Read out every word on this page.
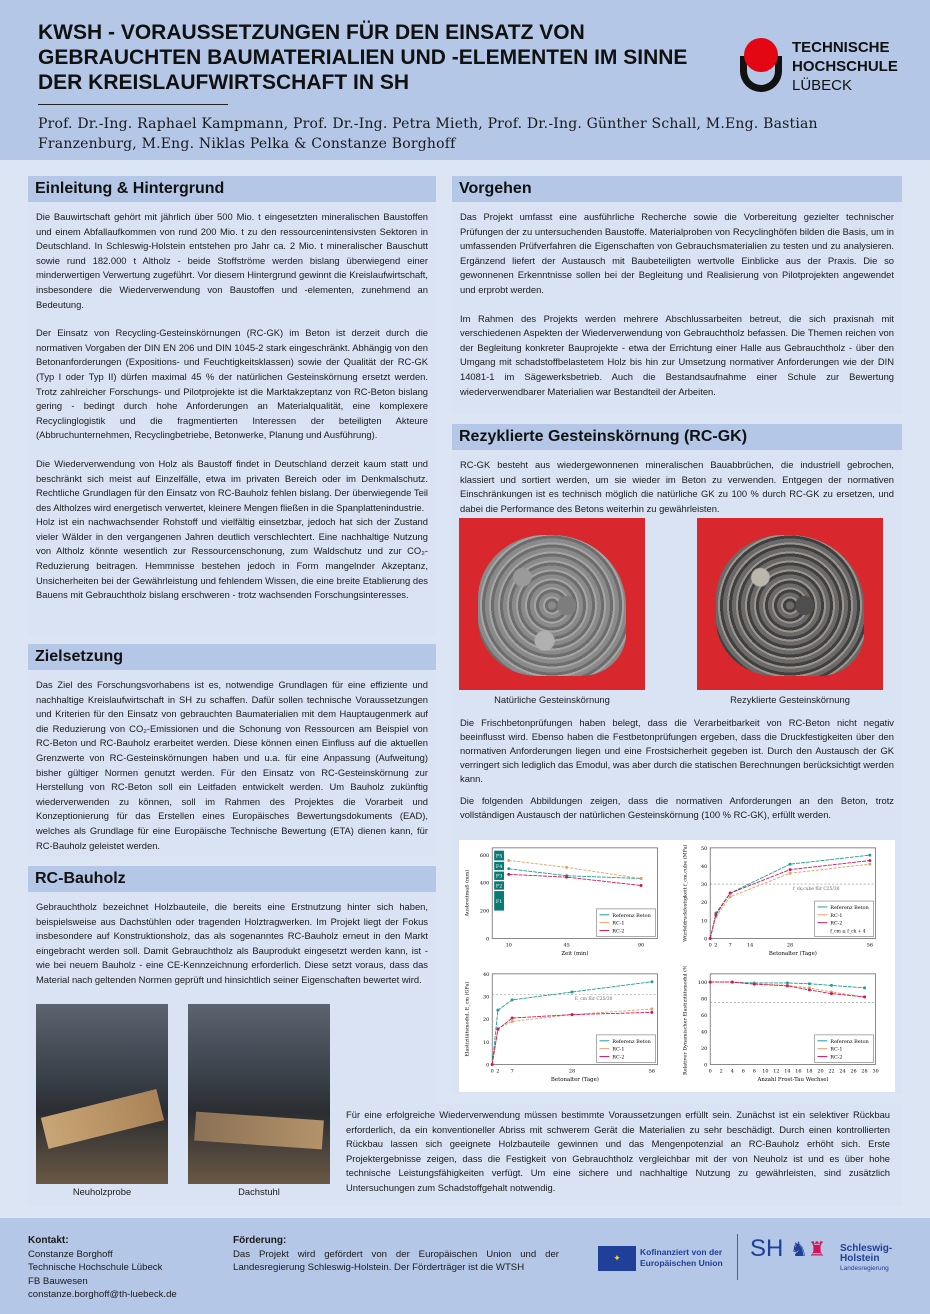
KWSH - VORAUSSETZUNGEN FÜR DEN EINSATZ VON GEBRAUCHTEN BAUMATERIALIEN UND -ELEMENTEN IM SINNE DER KREISLAUFWIRTSCHAFT IN SH
Prof. Dr.-Ing. Raphael Kampmann, Prof. Dr.-Ing. Petra Mieth, Prof. Dr.-Ing. Günther Schall, M.Eng. Bastian Franzenburg, M.Eng. Niklas Pelka & Constanze Borghoff
TECHNISCHE
HOCHSCHULE
LÜBECK
Einleitung & Hintergrund

Die Bauwirtschaft gehört mit jährlich über 500 Mio. t eingesetzten mineralischen Baustoffen und einem Abfallaufkommen von rund 200 Mio. t zu den ressourcenintensivsten Sektoren in Deutschland. In Schleswig-Holstein entstehen pro Jahr ca. 2 Mio. t mineralischer Bauschutt sowie rund 182.000 t Altholz - beide Stoffströme werden bislang überwiegend einer minderwertigen Verwertung zugeführt. Vor diesem Hintergrund gewinnt die Kreislaufwirtschaft, insbesondere die Wiederverwendung von Baustoffen und -elementen, zunehmend an Bedeutung.

Der Einsatz von Recycling-Gesteinskörnungen (RC-GK) im Beton ist derzeit durch die normativen Vorgaben der DIN EN 206 und DIN 1045-2 stark eingeschränkt. Abhängig von den Betonanforderungen (Expositions- und Feuchtigkeitsklassen) sowie der Qualität der RC-GK (Typ I oder Typ II) dürfen maximal 45 % der natürlichen Gesteinskörnung ersetzt werden. Trotz zahlreicher Forschungs- und Pilotprojekte ist die Marktakzeptanz von RC-Beton bislang gering - bedingt durch hohe Anforderungen an Materialqualität, eine komplexere Recyclinglogistik und die fragmentierten Interessen der beteiligten Akteure (Abbruchunternehmen, Recyclingbetriebe, Betonwerke, Planung und Ausführung).

Die Wiederverwendung von Holz als Baustoff findet in Deutschland derzeit kaum statt und beschränkt sich meist auf Einzelfälle, etwa im privaten Bereich oder im Denkmalschutz. Rechtliche Grundlagen für den Einsatz von RC-Bauholz fehlen bislang. Der überwiegende Teil des Altholzes wird energetisch verwertet, kleinere Mengen fließen in die Spanplattenindustrie.

Holz ist ein nachwachsender Rohstoff und vielfältig einsetzbar, jedoch hat sich der Zustand vieler Wälder in den vergangenen Jahren deutlich verschlechtert. Eine nachhaltige Nutzung von Altholz könnte wesentlich zur Ressourcenschonung, zum Waldschutz und zur CO₂-Reduzierung beitragen. Hemmnisse bestehen jedoch in Form mangelnder Akzeptanz, Unsicherheiten bei der Gewährleistung und fehlendem Wissen, die eine breite Etablierung des Bauens mit Gebrauchtholz bislang erschweren - trotz wachsenden Forschungsinteresses.

Zielsetzung

Das Ziel des Forschungsvorhabens ist es, notwendige Grundlagen für eine effiziente und nachhaltige Kreislaufwirtschaft in SH zu schaffen. Dafür sollen technische Voraussetzungen und Kriterien für den Einsatz von gebrauchten Baumaterialien mit dem Hauptaugenmerk auf die Reduzierung von CO₂-Emissionen und die Schonung von Ressourcen am Beispiel von RC-Beton und RC-Bauholz erarbeitet werden. Diese können einen Einfluss auf die aktuellen Grenzwerte von RC-Gesteinskörnungen haben und u.a. für eine Anpassung (Aufweitung) bisher gültiger Normen genutzt werden. Für den Einsatz von RC-Gesteinskörnung zur Herstellung von RC-Beton soll ein Leitfaden entwickelt werden. Um Bauholz zukünftig wiederverwenden zu können, soll im Rahmen des Projektes die Vorarbeit und Konzeptionierung für das Erstellen eines Europäisches Bewertungsdokuments (EAD), welches als Grundlage für eine Europäische Technische Bewertung (ETA) dienen kann, für RC-Bauholz geleistet werden.

RC-Bauholz

Gebrauchtholz bezeichnet Holzbauteile, die bereits eine Erstnutzung hinter sich haben, beispielsweise aus Dachstühlen oder tragenden Holztragwerken. Im Projekt liegt der Fokus insbesondere auf Konstruktionsholz, das als sogenanntes RC-Bauholz erneut in den Markt eingebracht werden soll. Damit Gebrauchtholz als Bauprodukt eingesetzt werden kann, ist - wie bei neuem Bauholz - eine CE-Kennzeichnung erforderlich. Diese setzt voraus, dass das Material nach geltenden Normen geprüft und hinsichtlich seiner Eigenschaften bewertet wird.

Neuholzprobe	Dachstuhl

Für eine erfolgreiche Wiederverwendung müssen bestimmte Voraussetzungen erfüllt sein. Zunächst ist ein selektiver Rückbau erforderlich, da ein konventioneller Abriss mit schwerem Gerät die Materialien zu sehr beschädigt. Durch einen kontrollierten Rückbau lassen sich geeignete Holzbauteile gewinnen und das Mengenpotenzial an RC-Bauholz erhöht sich. Erste Projektergebnisse zeigen, dass die Festigkeit von Gebrauchtholz vergleichbar mit der von Neuholz ist und es über hohe technische Leistungsfähigkeiten verfügt. Um eine sichere und nachhaltige Nutzung zu gewährleisten, sind zusätzlich Untersuchungen zum Schadstoffgehalt notwendig.

Vorgehen

Das Projekt umfasst eine ausführliche Recherche sowie die Vorbereitung gezielter technischer Prüfungen der zu untersuchenden Baustoffe. Materialproben von Recyclinghöfen bilden die Basis, um in umfassenden Prüfverfahren die Eigenschaften von Gebrauchsmaterialien zu testen und zu analysieren. Ergänzend liefert der Austausch mit Baubeteiligten wertvolle Einblicke aus der Praxis. Die so gewonnenen Erkenntnisse sollen bei der Begleitung und Realisierung von Pilotprojekten angewendet und erprobt werden.

Im Rahmen des Projekts werden mehrere Abschlussarbeiten betreut, die sich praxisnah mit verschiedenen Aspekten der Wiederverwendung von Gebrauchtholz befassen. Die Themen reichen von der Begleitung konkreter Bauprojekte - etwa der Errichtung einer Halle aus Gebrauchtholz - über den Umgang mit schadstoffbelastetem Holz bis hin zur Umsetzung normativer Anforderungen wie der DIN 14081-1 im Sägewerksbetrieb. Auch die Bestandsaufnahme einer Schule zur Bewertung wiederverwendbarer Materialien war Bestandteil der Arbeiten.

Rezyklierte Gesteinskörnung (RC-GK)

RC-GK besteht aus wiedergewonnenen mineralischen Bauabbrüchen, die industriell gebrochen, klassiert und sortiert werden, um sie wieder im Beton zu verwenden. Entgegen der normativen Einschränkungen ist es technisch möglich die natürliche GK zu 100 % durch RC-GK zu ersetzen, und dabei die Performance des Betons weiterhin zu gewährleisten.

Die Frischbetonprüfungen haben belegt, dass die Verarbeitbarkeit von RC-Beton nicht negativ beeinflusst wird. Ebenso haben die Festbetonprüfungen ergeben, dass die Druckfestigkeiten über den normativen Anforderungen liegen und eine Frostsicherheit gegeben ist. Durch den Austausch der GK verringert sich lediglich das Emodul, was aber durch die statischen Berechnungen berücksichtigt werden kann.

Die folgenden Abbildungen zeigen, dass die normativen Anforderungen an den Beton, trotz vollständigen Austausch der natürlichen Gesteinskörnung (100 % RC-GK), erfüllt werden.

Natürliche Gesteinskörnung	Rezyklierte Gesteinskörnung
10	45	90
0
200
400
600
Zeit (min)
Ausbreitmaß (mm)
F5
F4
F3
F2
F1
Referenz Beton
RC-1
RC-2
0 2 7	14	28	56
0
10
20
30
40
50
Betonalter (Tage)
Würfeldruckfestigkeit f_cm,cube (MPa)	f_ck,cube für C25/30
Referenz Beton
RC-1
RC-2
f_cm ≥ f_ck + 4
0 2 7	28	56
0
10
20
30
40
Betonalter (Tage)
Elastizitätsmodul, E_cm (GPa)	E_cm für C25/30
Referenz Beton
RC-1
RC-2
0 2 4 6 8 10 12 14 16 18 20 22 24 26 28 30
0
20
40
60
80
100
Anzahl Frost-Tau Wechsel
Relativer Dynamischer Elastizitätsmodul (%)	Referenz Beton
RC-1
RC-2
Kontakt:
Constanze Borghoff
Technische Hochschule Lübeck
FB Bauwesen
constanze.borghoff@th-luebeck.de
Förderung:
Das Projekt wird gefördert von der Europäischen Union und der Landesregierung Schleswig-Holstein. Der Förderträger ist die WTSH
✦
Kofinanziert von der Europäischen Union
SH ♞♜ Schleswig-Holstein
Landesregierung
